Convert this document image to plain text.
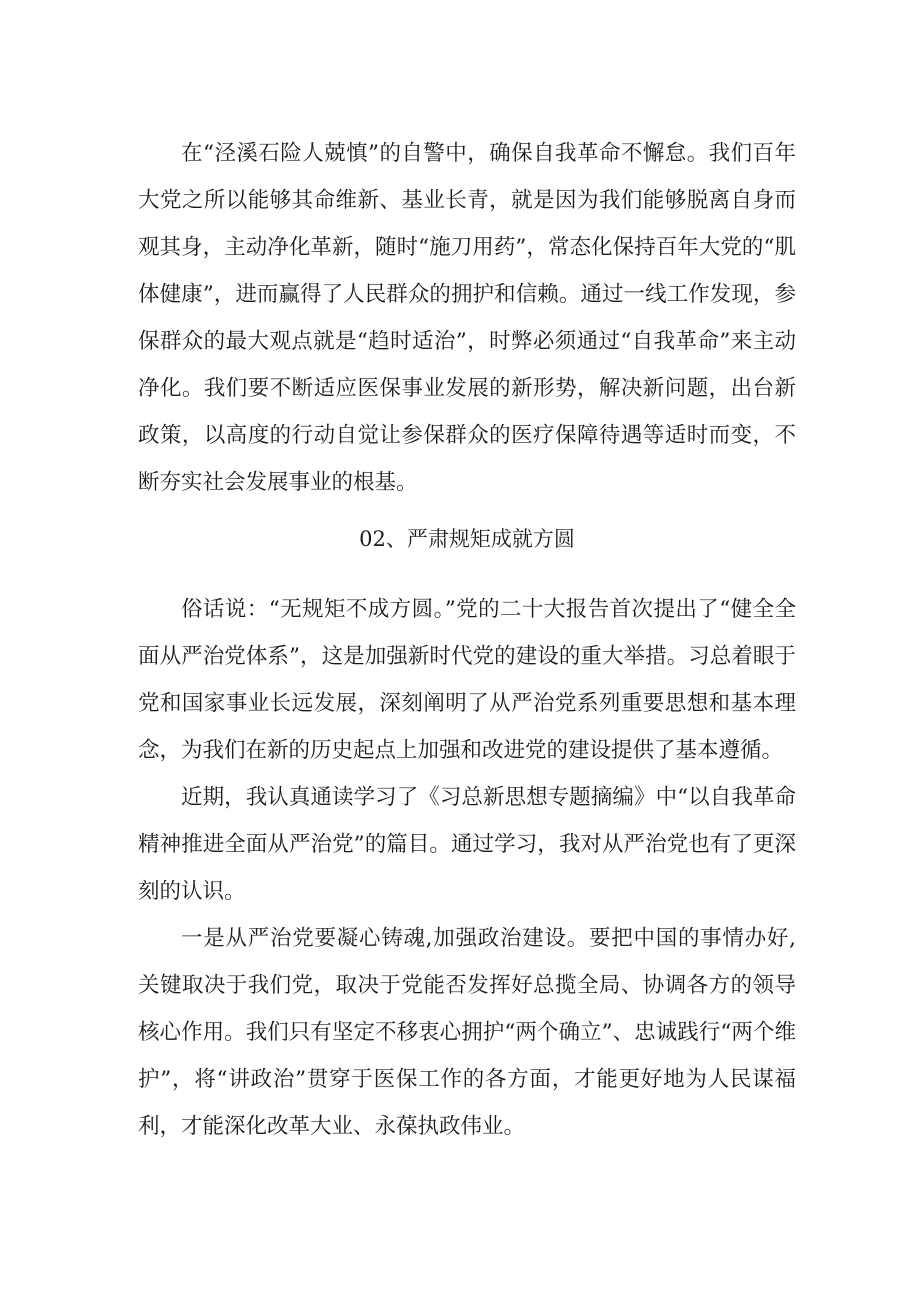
在“泾溪石险人兢慎”的自警中，确保自我革命不懈怠。我们百年大党之所以能够其命维新、基业长青，就是因为我们能够脱离自身而观其身，主动净化革新，随时“施刀用药”，常态化保持百年大党的“肌体健康”，进而赢得了人民群众的拥护和信赖。通过一线工作发现，参保群众的最大观点就是“趋时适治”，时弊必须通过“自我革命”来主动净化。我们要不断适应医保事业发展的新形势，解决新问题，出台新政策，以高度的行动自觉让参保群众的医疗保障待遇等适时而变，不断夯实社会发展事业的根基。

02、严肃规矩成就方圆

俗话说：“无规矩不成方圆。”党的二十大报告首次提出了“健全全面从严治党体系”，这是加强新时代党的建设的重大举措。习总着眼于党和国家事业长远发展，深刻阐明了从严治党系列重要思想和基本理念，为我们在新的历史起点上加强和改进党的建设提供了基本遵循。

近期，我认真通读学习了《习总新思想专题摘编》中“以自我革命精神推进全面从严治党”的篇目。通过学习，我对从严治党也有了更深刻的认识。

一是从严治党要凝心铸魂,加强政治建设。要把中国的事情办好,关键取决于我们党，取决于党能否发挥好总揽全局、协调各方的领导核心作用。我们只有坚定不移衷心拥护“两个确立”、忠诚践行“两个维护”，将“讲政治”贯穿于医保工作的各方面，才能更好地为人民谋福利，才能深化改革大业、永葆执政伟业。
